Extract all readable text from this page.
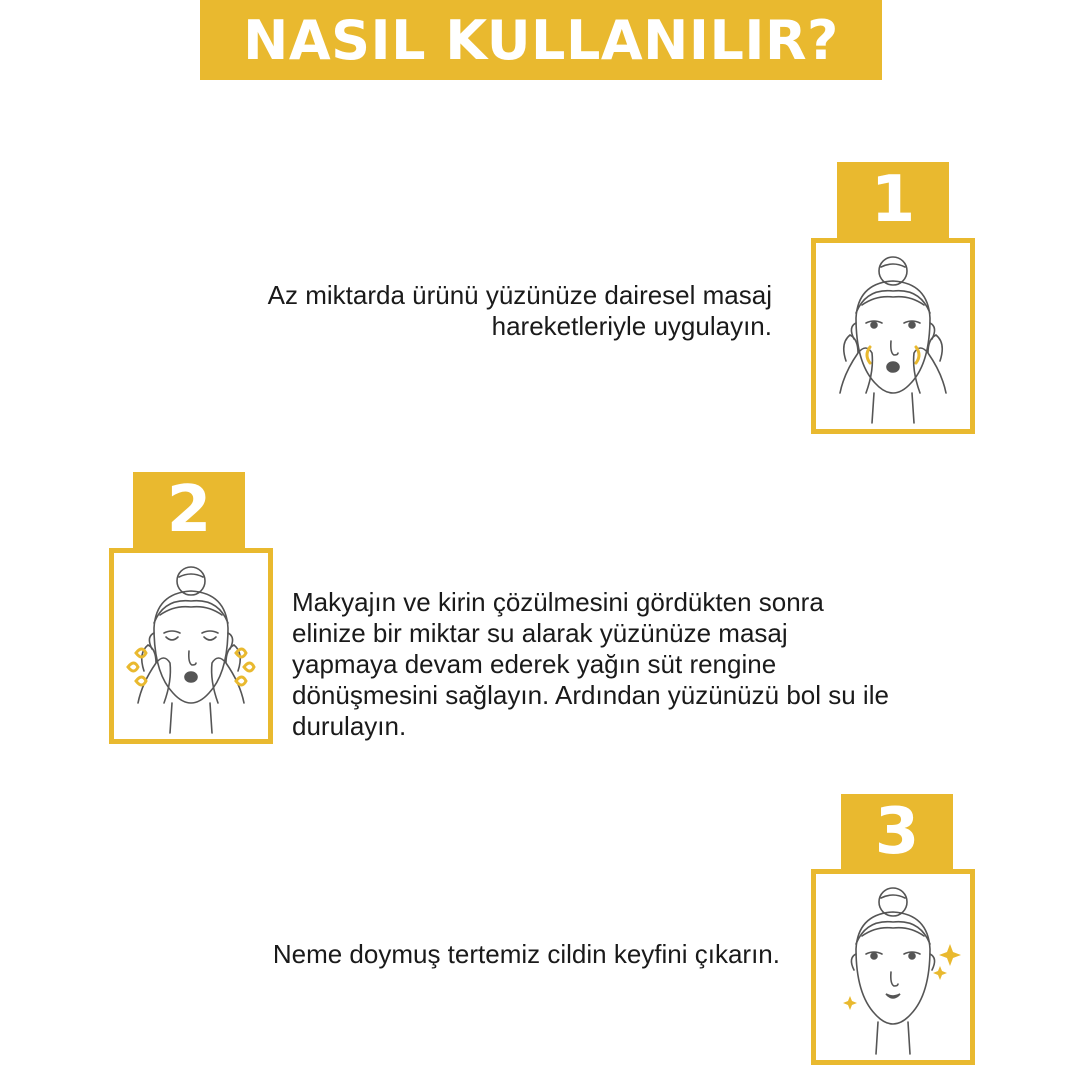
NASIL KULLANILIR?
1
Az miktarda ürünü yüzünüze dairesel masaj
hareketleriyle uygulayın.
2
Makyajın ve kirin çözülmesini gördükten sonra
elinize bir miktar su alarak yüzünüze masaj
yapmaya devam ederek yağın süt rengine
dönüşmesini sağlayın. Ardından yüzünüzü bol su ile
durulayın.
3
Neme doymuş tertemiz cildin keyfini çıkarın.
